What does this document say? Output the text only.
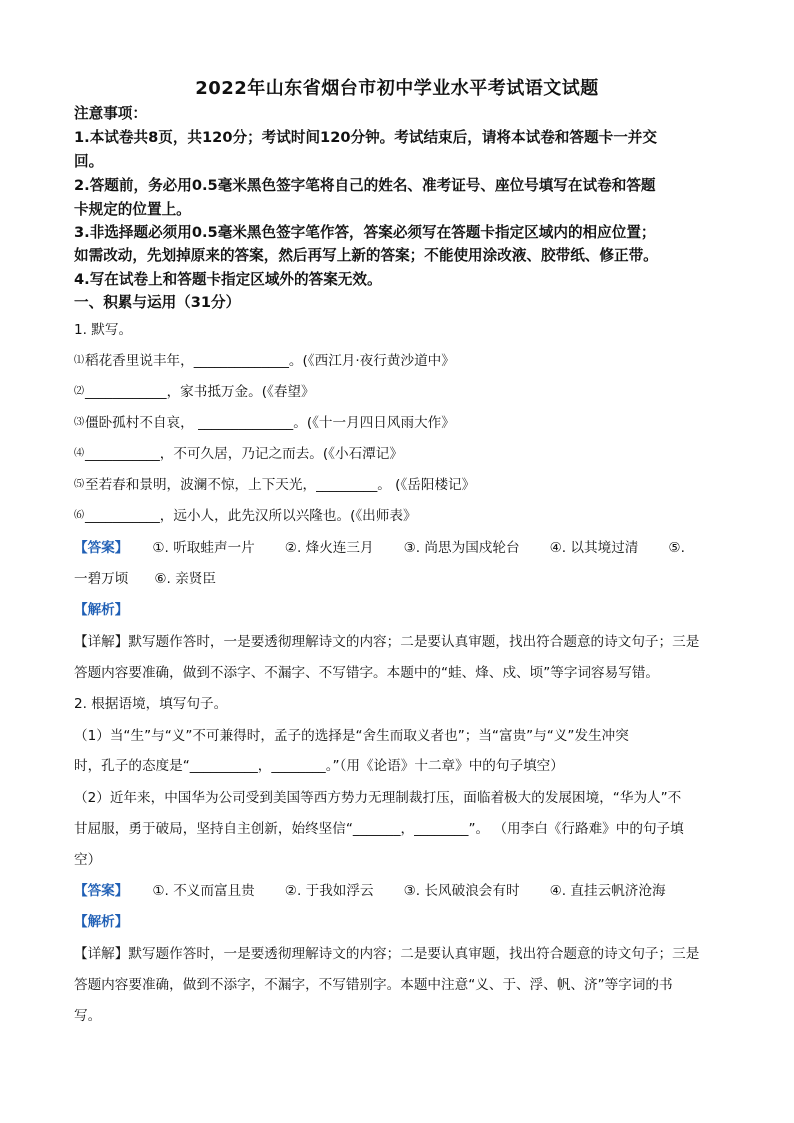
2022年山东省烟台市初中学业水平考试语文试题
注意事项：
1.本试卷共8页，共120分；考试时间120分钟。考试结束后，请将本试卷和答题卡一并交
回。
2.答题前，务必用0.5毫米黑色签字笔将自己的姓名、准考证号、座位号填写在试卷和答题
卡规定的位置上。
3.非选择题必须用0.5毫米黑色签字笔作答，答案必须写在答题卡指定区域内的相应位置；
如需改动，先划掉原来的答案，然后再写上新的答案；不能使用涂改液、胶带纸、修正带。
4.写在试卷上和答题卡指定区域外的答案无效。
一、积累与运用（31分）
1. 默写。
⑴稻花香里说丰年，______________。(《西江月·夜行黄沙道中》
⑵____________，家书抵万金。(《春望》
⑶僵卧孤村不自哀， ______________。(《十一月四日风雨大作》
⑷___________，不可久居，乃记之而去。(《小石潭记》
⑸至若春和景明，波澜不惊，上下天光，_________。 (《岳阳楼记》
⑹___________，远小人，此先汉所以兴隆也。(《出师表》
【答案】 ①. 听取蛙声一片 ②. 烽火连三月 ③. 尚思为国戍轮台 ④. 以其境过清 ⑤.
一碧万顷 ⑥. 亲贤臣
【解析】
【详解】默写题作答时，一是要透彻理解诗文的内容；二是要认真审题，找出符合题意的诗文句子；三是
答题内容要准确，做到不添字、不漏字、不写错字。本题中的“蛙、烽、戍、顷”等字词容易写错。
2. 根据语境，填写句子。
（1）当“生”与“义”不可兼得时，孟子的选择是“舍生而取义者也”；当“富贵”与“义”发生冲突
时，孔子的态度是“__________，________。”（用《论语》十二章》中的句子填空）
（2）近年来，中国华为公司受到美国等西方势力无理制裁打压，面临着极大的发展困境，“华为人”不
甘屈服，勇于破局，坚持自主创新，始终坚信“_______，________”。 （用李白《行路难》中的句子填
空）
【答案】 ①. 不义而富且贵 ②. 于我如浮云 ③. 长风破浪会有时 ④. 直挂云帆济沧海
【解析】
【详解】默写题作答时，一是要透彻理解诗文的内容；二是要认真审题，找出符合题意的诗文句子；三是
答题内容要准确，做到不添字，不漏字，不写错别字。本题中注意“义、于、浮、帆、济”等字词的书
写。
